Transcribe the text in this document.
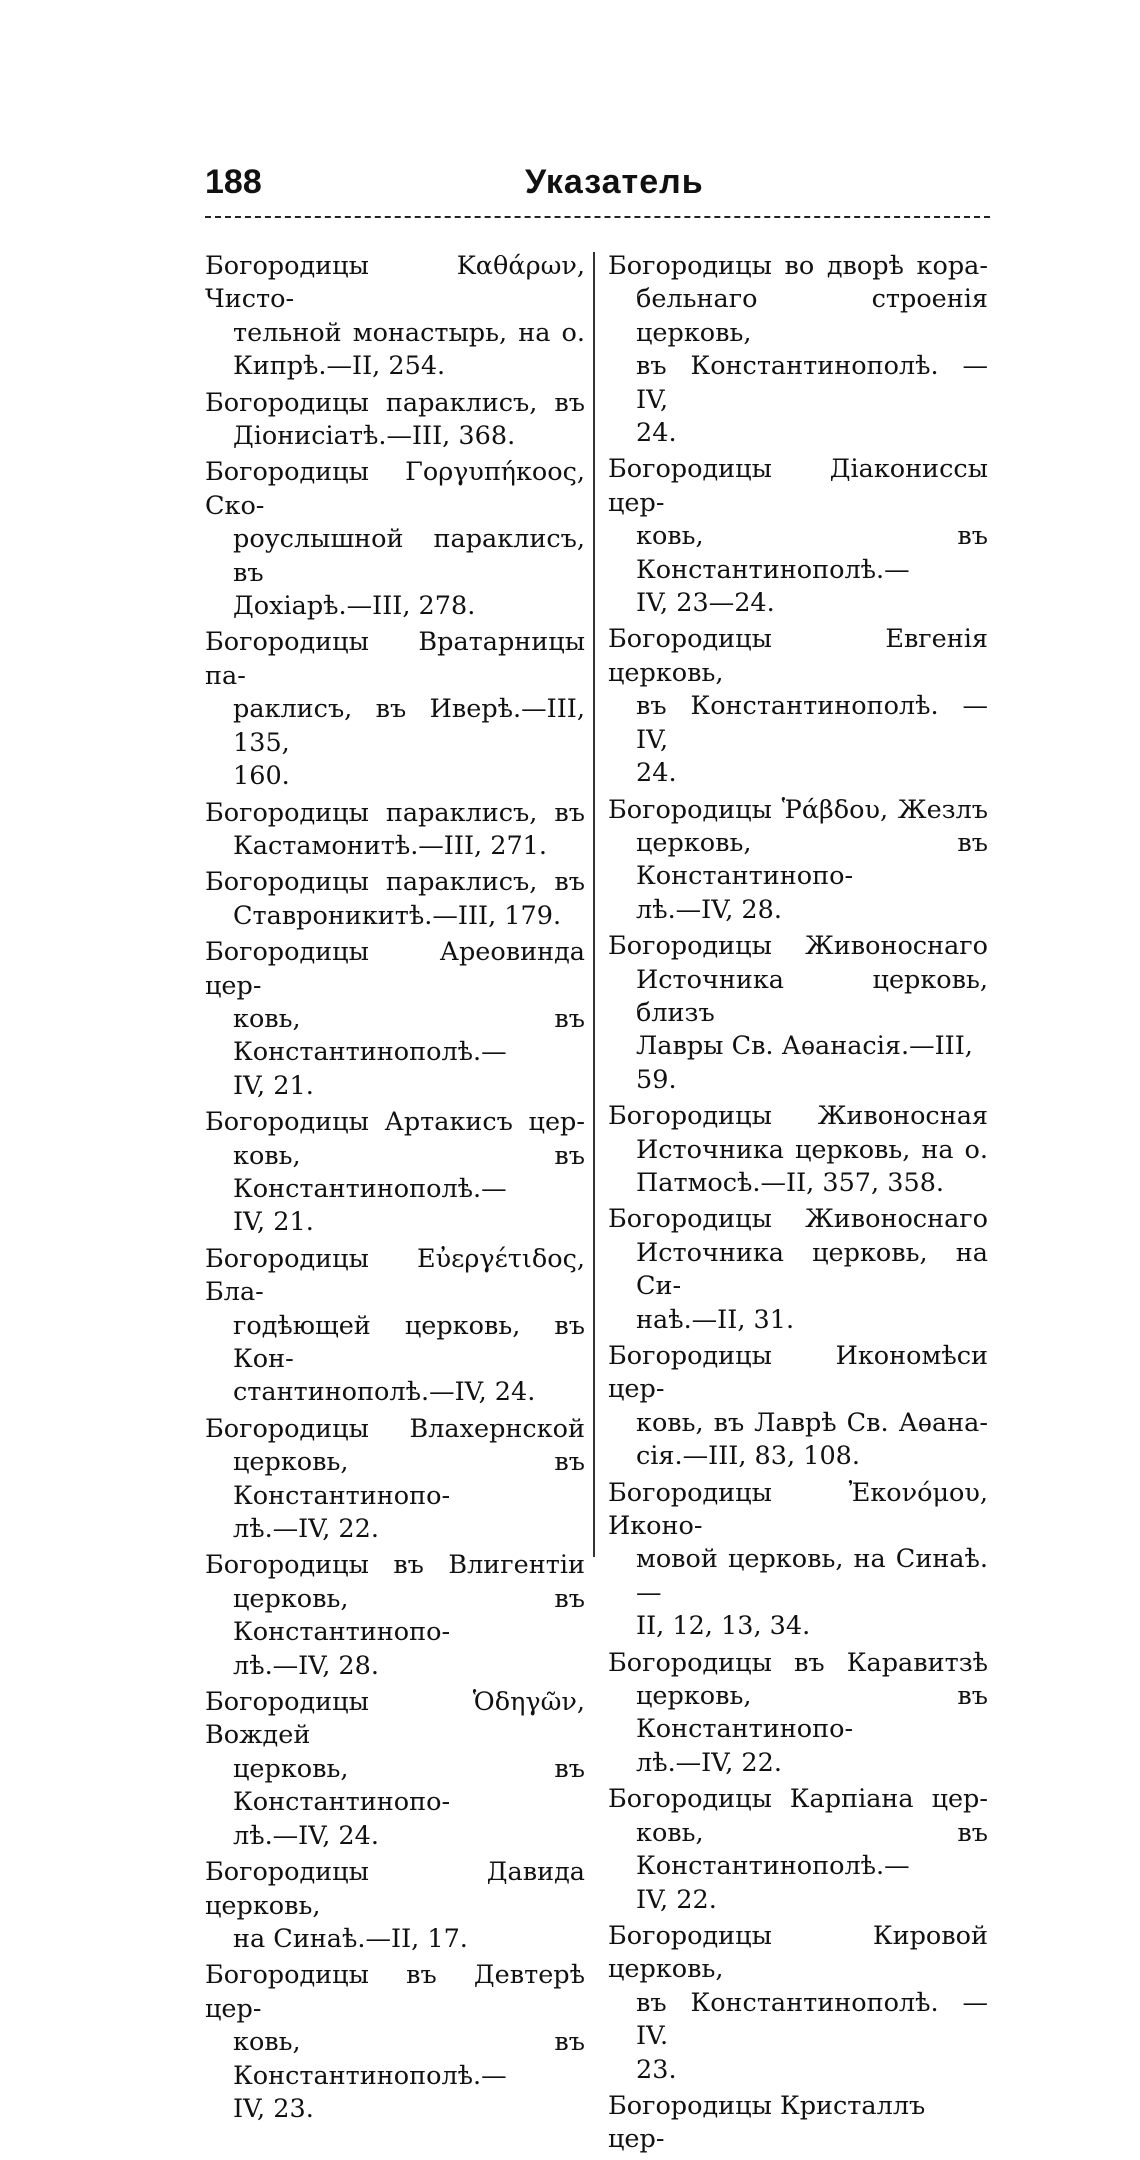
188	Указатель
Богородицы Καθάρων, Чисто-
тельной монастырь, на о.
Кипрѣ.—II, 254.
Богородицы параклисъ, въ
Діонисіатѣ.—III, 368.
Богородицы Γοργυπήκοος, Ско-
роуслышной параклисъ, въ
Дохіарѣ.—III, 278.
Богородицы Вратарницы па-
раклисъ, въ Иверѣ.—III, 135,
160.
Богородицы параклисъ, въ
Кастамонитѣ.—III, 271.
Богородицы параклисъ, въ
Ставроникитѣ.—III, 179.
Богородицы Ареовинда цер-
ковь, въ Константинополѣ.—
IV, 21.
Богородицы Артакисъ цер-
ковь, въ Константинополѣ.—
IV, 21.
Богородицы Εὐεργέτιδος, Бла-
годѣющей церковь, въ Кон-
стантинополѣ.—IV, 24.
Богородицы Влахернской
церковь, въ Константинопо-
лѣ.—IV, 22.
Богородицы въ Влигентіи
церковь, въ Константинопо-
лѣ.—IV, 28.
Богородицы Ὁδηγῶν, Вождей
церковь, въ Константинопо-
лѣ.—IV, 24.
Богородицы Давида церковь,
на Синаѣ.—II, 17.
Богородицы въ Девтерѣ цер-
ковь, въ Константинополѣ.—
IV, 23.
Богородицы во дворѣ кора-
бельнаго строенія церковь,
въ Константинополѣ. — IV,
24.
Богородицы Діакониссы цер-
ковь, въ Константинополѣ.—
IV, 23—24.
Богородицы Евгенія церковь,
въ Константинополѣ. — IV,
24.
Богородицы Ῥάβδου, Жезлъ
церковь, въ Константинопо-
лѣ.—IV, 28.
Богородицы Живоноснаго
Источника церковь, близъ
Лавры Св. Аѳанасія.—III, 59.
Богородицы Живоносная
Источника церковь, на о.
Патмосѣ.—II, 357, 358.
Богородицы Живоноснаго
Источника церковь, на Си-
наѣ.—II, 31.
Богородицы Икономѣси цер-
ковь, въ Лаврѣ Св. Аѳана-
сія.—III, 83, 108.
Богородицы Ἐκονόμου, Иконо-
мовой церковь, на Синаѣ.—
II, 12, 13, 34.
Богородицы въ Каравитзѣ
церковь, въ Константинопо-
лѣ.—IV, 22.
Богородицы Карпіана цер-
ковь, въ Константинополѣ.—
IV, 22.
Богородицы Кировой церковь,
въ Константинополѣ. — IV.
23.
Богородицы Кристаллъ цер-
